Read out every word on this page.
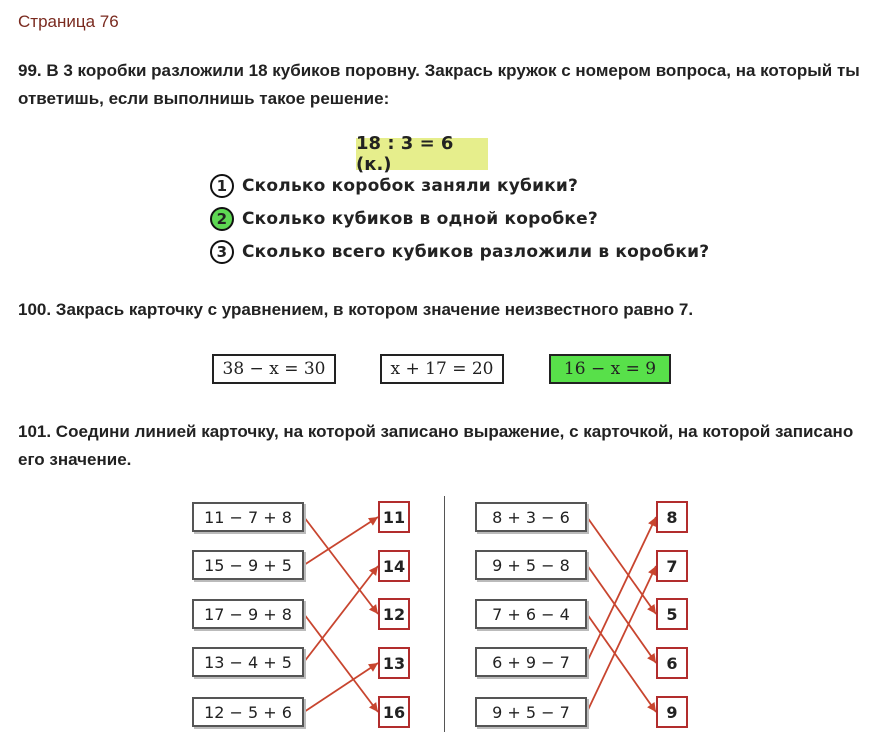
Страница 76
99. В 3 коробки разложили 18 кубиков поровну. Закрась кружок с номером вопроса, на который ты ответишь, если выполнишь такое решение:
18 : 3 = 6 (к.)
1 Сколько коробок заняли кубики?
2 Сколько кубиков в одной коробке?
3 Сколько всего кубиков разложили в коробки?
100. Закрась карточку с уравнением, в котором значение неизвестного равно 7.
38 − x = 30	x + 17 = 20	16 − x = 9
101. Соедини линией карточку, на которой записано выражение, с карточкой, на которой записано его значение.
11 − 7 + 8
15 − 9 + 5
17 − 9 + 8
13 − 4 + 5
12 − 5 + 6
11
14
12
13
16
8 + 3 − 6
9 + 5 − 8
7 + 6 − 4
6 + 9 − 7
9 + 5 − 7
8
7
5
6
9
